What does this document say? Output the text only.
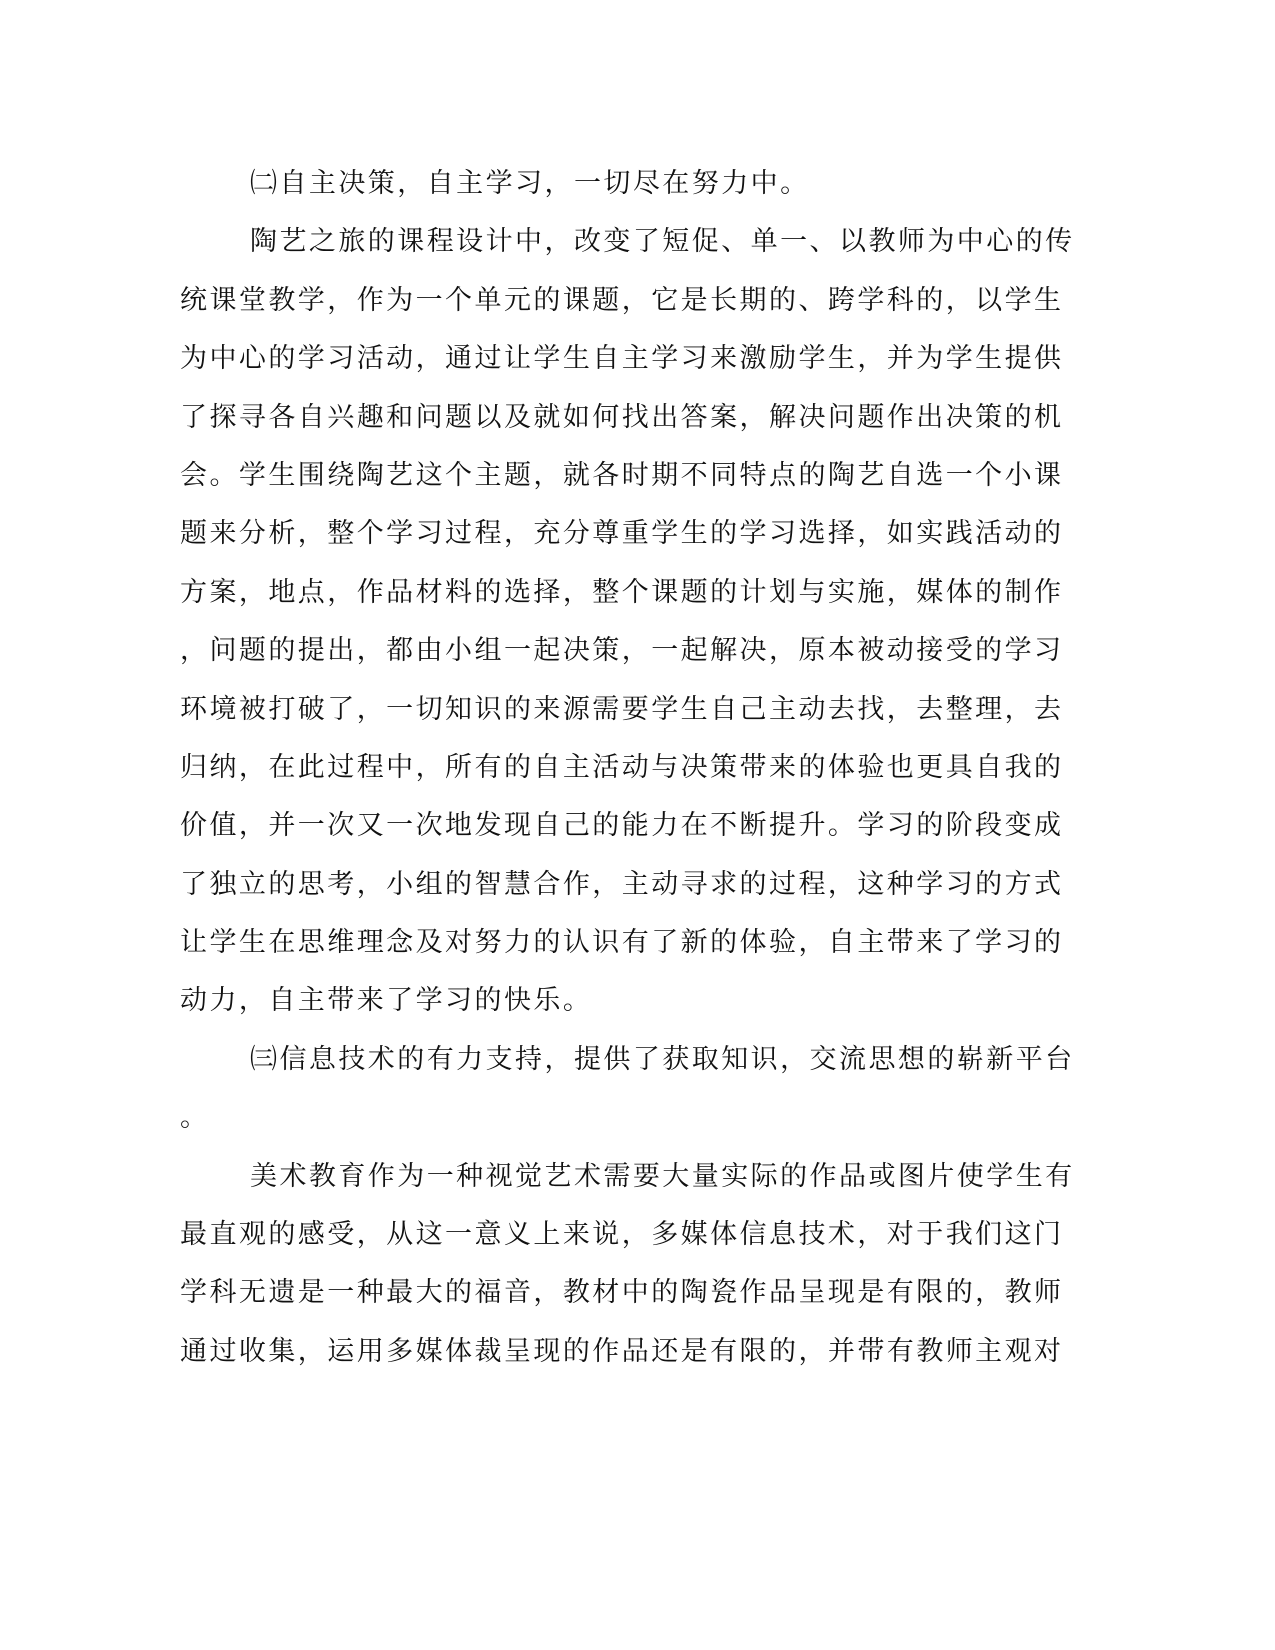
㈡自主决策，自主学习，一切尽在努力中。
陶艺之旅的课程设计中，改变了短促、单一、以教师为中心的传
统课堂教学，作为一个单元的课题，它是长期的、跨学科的，以学生
为中心的学习活动，通过让学生自主学习来激励学生，并为学生提供
了探寻各自兴趣和问题以及就如何找出答案，解决问题作出决策的机
会。学生围绕陶艺这个主题，就各时期不同特点的陶艺自选一个小课
题来分析，整个学习过程，充分尊重学生的学习选择，如实践活动的
方案，地点，作品材料的选择，整个课题的计划与实施，媒体的制作
，问题的提出，都由小组一起决策，一起解决，原本被动接受的学习
环境被打破了，一切知识的来源需要学生自己主动去找，去整理，去
归纳，在此过程中，所有的自主活动与决策带来的体验也更具自我的
价值，并一次又一次地发现自己的能力在不断提升。学习的阶段变成
了独立的思考，小组的智慧合作，主动寻求的过程，这种学习的方式
让学生在思维理念及对努力的认识有了新的体验，自主带来了学习的
动力，自主带来了学习的快乐。
㈢信息技术的有力支持，提供了获取知识，交流思想的崭新平台
。
美术教育作为一种视觉艺术需要大量实际的作品或图片使学生有
最直观的感受，从这一意义上来说，多媒体信息技术，对于我们这门
学科无遗是一种最大的福音，教材中的陶瓷作品呈现是有限的，教师
通过收集，运用多媒体裁呈现的作品还是有限的，并带有教师主观对
